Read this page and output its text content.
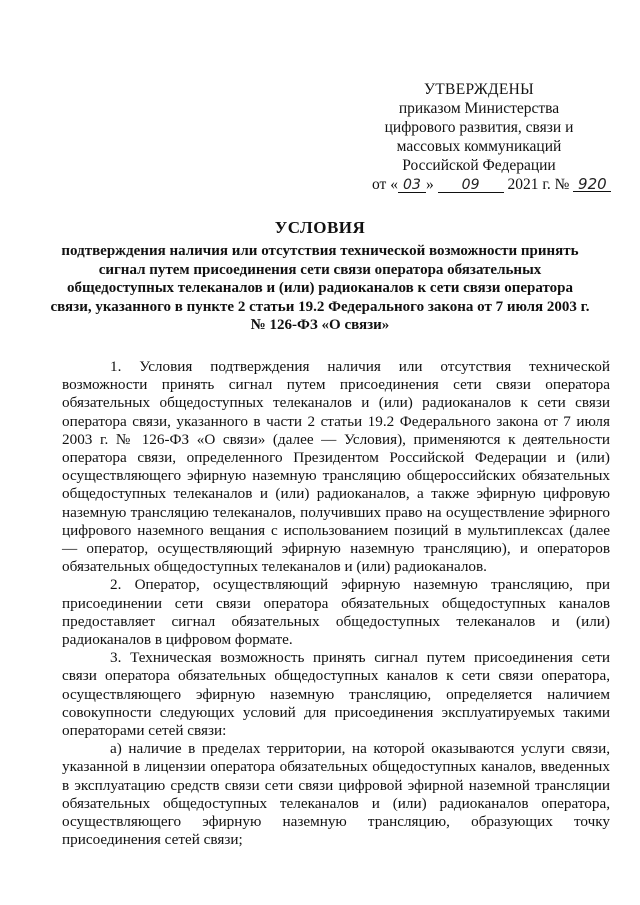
УТВЕРЖДЕНЫ
приказом Министерства
цифрового развития, связи и
массовых коммуникаций
Российской Федерации
от « 03 » 09 2021 г. № 920
УСЛОВИЯ
подтверждения наличия или отсутствия технической возможности принять сигнал путем присоединения сети связи оператора обязательных общедоступных телеканалов и (или) радиоканалов к сети связи оператора связи, указанного в пункте 2 статьи 19.2 Федерального закона от 7 июля 2003 г. № 126-ФЗ «О связи»

1. Условия подтверждения наличия или отсутствия технической возможности принять сигнал путем присоединения сети связи оператора обязательных общедоступных телеканалов и (или) радиоканалов к сети связи оператора связи, указанного в части 2 статьи 19.2 Федерального закона от 7 июля 2003 г. № 126-ФЗ «О связи» (далее — Условия), применяются к деятельности оператора связи, определенного Президентом Российской Федерации и (или) осуществляющего эфирную наземную трансляцию общероссийских обязательных общедоступных телеканалов и (или) радиоканалов, а также эфирную цифровую наземную трансляцию телеканалов, получивших право на осуществление эфирного цифрового наземного вещания с использованием позиций в мультиплексах (далее — оператор, осуществляющий эфирную наземную трансляцию), и операторов обязательных общедоступных телеканалов и (или) радиоканалов.

2. Оператор, осуществляющий эфирную наземную трансляцию, при присоединении сети связи оператора обязательных общедоступных каналов предоставляет сигнал обязательных общедоступных телеканалов и (или) радиоканалов в цифровом формате.

3. Техническая возможность принять сигнал путем присоединения сети связи оператора обязательных общедоступных каналов к сети связи оператора, осуществляющего эфирную наземную трансляцию, определяется наличием совокупности следующих условий для присоединения эксплуатируемых такими операторами сетей связи:

а) наличие в пределах территории, на которой оказываются услуги связи, указанной в лицензии оператора обязательных общедоступных каналов, введенных в эксплуатацию средств связи сети связи цифровой эфирной наземной трансляции обязательных общедоступных телеканалов и (или) радиоканалов оператора, осуществляющего эфирную наземную трансляцию, образующих точку присоединения сетей связи;
